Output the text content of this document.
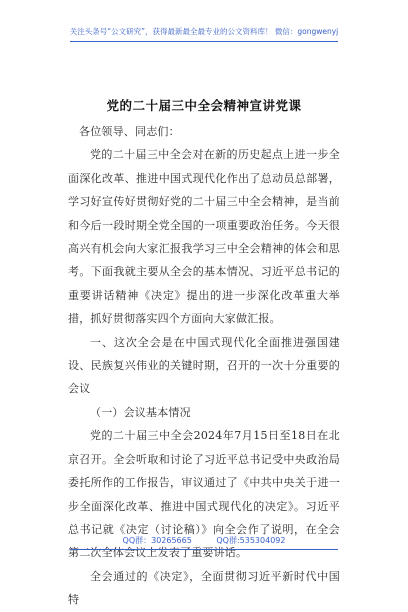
关注头条号“公文研究”，获得最新最全最专业的公文资料库！ 微信：gongwenyj
党的二十届三中全会精神宣讲党课

各位领导、同志们：

党的二十届三中全会对在新的历史起点上进一步全面深化改革、推进中国式现代化作出了总动员总部署，学习好宣传好贯彻好党的二十届三中全会精神，是当前和今后一段时期全党全国的一项重要政治任务。今天很高兴有机会向大家汇报我学习三中全会精神的体会和思考。下面我就主要从全会的基本情况、习近平总书记的重要讲话精神《决定》提出的进一步深化改革重大举措，抓好贯彻落实四个方面向大家做汇报。

一、这次全会是在中国式现代化全面推进强国建设、民族复兴伟业的关键时期，召开的一次十分重要的会议

（一）会议基本情况

党的二十届三中全会2024年7月15日至18日在北京召开。全会听取和讨论了习近平总书记受中央政治局委托所作的工作报告，审议通过了《中共中央关于进一步全面深化改革、推进中国式现代化的决定》。习近平总书记就《决定（讨论稿）》向全会作了说明，在全会第二次全体会议上发表了重要讲话。

全会通过的《决定》，全面贯彻习近平新时代中国特

QQ群：30265665	QQ群:535304092
